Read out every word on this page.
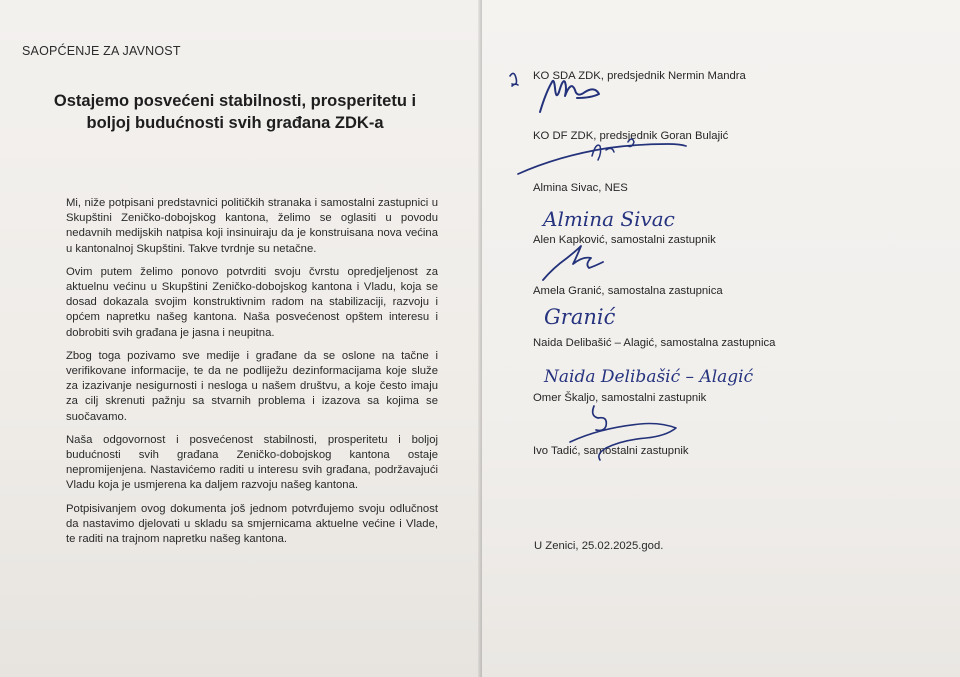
SAOPĆENJE ZA JAVNOST
Ostajemo posvećeni stabilnosti, prosperitetu i
boljoj budućnosti svih građana ZDK-a

Mi, niže potpisani predstavnici političkih stranaka i samostalni zastupnici u Skupštini Zeničko-dobojskog kantona, želimo se oglasiti u povodu nedavnih medijskih natpisa koji insinuiraju da je konstruisana nova većina u kantonalnoj Skupštini. Takve tvrdnje su netačne.

Ovim putem želimo ponovo potvrditi svoju čvrstu opredjeljenost za aktuelnu većinu u Skupštini Zeničko-dobojskog kantona i Vladu, koja se dosad dokazala svojim konstruktivnim radom na stabilizaciji, razvoju i općem napretku našeg kantona. Naša posvećenost opštem interesu i dobrobiti svih građana je jasna i neupitna.

Zbog toga pozivamo sve medije i građane da se oslone na tačne i verifikovane informacije, te da ne podliježu dezinformacijama koje služe za izazivanje nesigurnosti i nesloga u našem društvu, a koje često imaju za cilj skrenuti pažnju sa stvarnih problema i izazova sa kojima se suočavamo.

Naša odgovornost i posvećenost stabilnosti, prosperitetu i boljoj budućnosti svih građana Zeničko-dobojskog kantona ostaje nepromijenjena. Nastavićemo raditi u interesu svih građana, podržavajući Vladu koja je usmjerena ka daljem razvoju našeg kantona.

Potpisivanjem ovog dokumenta još jednom potvrđujemo svoju odlučnost da nastavimo djelovati u skladu sa smjernicama aktuelne većine i Vlade, te raditi na trajnom napretku našeg kantona.

KO SDA ZDK, predsjednik Nermin Mandra
KO DF ZDK, predsjednik Goran Bulajić
Almina Sivac, NES
Alen Kapković, samostalni zastupnik
Amela Granić, samostalna zastupnica
Naida Delibašić – Alagić, samostalna zastupnica
Omer Škaljo, samostalni zastupnik
Ivo Tadić, samostalni zastupnik
Almina Sivac
Granić
Naida Delibašić – Alagić
U Zenici, 25.02.2025.god.
